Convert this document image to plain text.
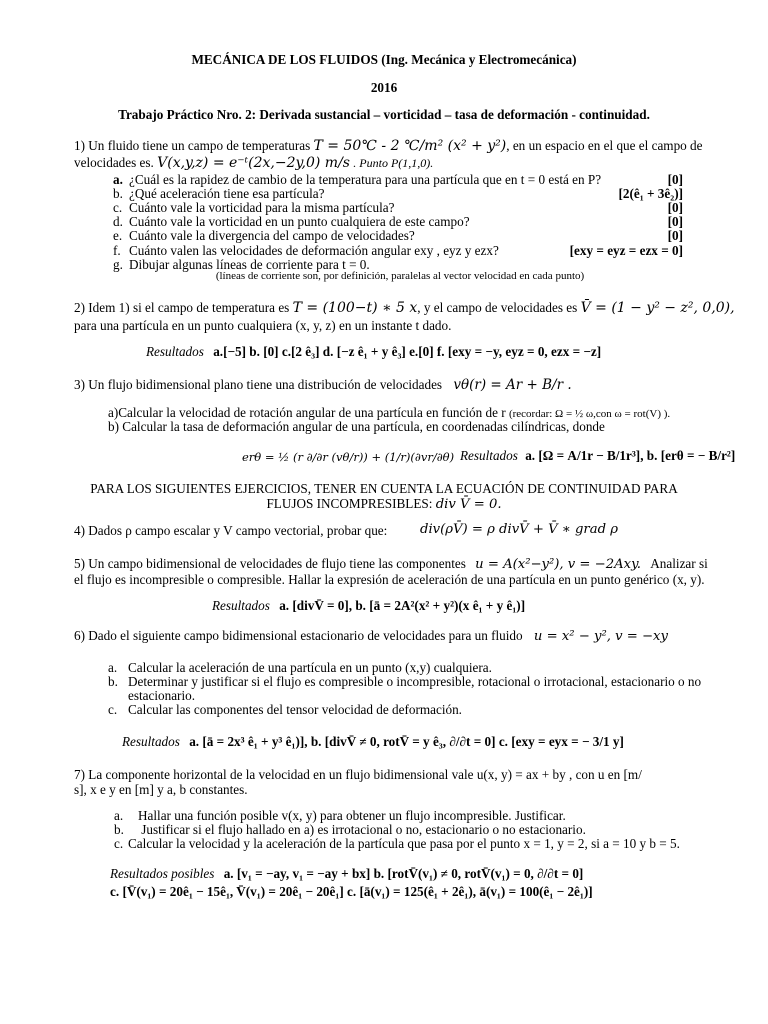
MECÁNICA DE LOS FLUIDOS (Ing. Mecánica y Electromecánica)
2016
Trabajo Práctico Nro. 2: Derivada sustancial – vorticidad – tasa de deformación - continuidad.
1) Un fluido tiene un campo de temperaturas T = 50℃ - 2 ℃/m² (x² + y²), en un espacio en el que el campo de
velocidades es. V(x,y,z) = e⁻ᵗ(2x,−2y,0) m/s . Punto P(1,1,0).
a. ¿Cuál es la rapidez de cambio de la temperatura para una partícula que en t = 0 está en P?	[0]
b. ¿Qué aceleración tiene esa partícula?	[2(ê₁ + 3ê₂)]
c. Cuánto vale la vorticidad para la misma partícula?	[0]
d. Cuánto vale la vorticidad en un punto cualquiera de este campo?	[0]
e. Cuánto vale la divergencia del campo de velocidades?	[0]
f. Cuánto valen las velocidades de deformación angular exy , eyz y ezx?	[exy = eyz = ezx = 0]
g. Dibujar algunas líneas de corriente para t = 0.
(líneas de corriente son, por definición, paralelas al vector velocidad en cada punto)
2) Idem 1) si el campo de temperatura es T = (100−t) ∗ 5 x, y el campo de velocidades es V̄ = (1 − y² − z², 0,0),
para una partícula en un punto cualquiera (x, y, z) en un instante t dado.
Resultados a.[−5] b. [0] c.[2 ê₃] d. [−z ê₁ + y ê₃] e.[0] f. [exy = −y, eyz = 0, ezx = −z]
3) Un flujo bidimensional plano tiene una distribución de velocidades vθ(r) = Ar + B/r .
a)Calcular la velocidad de rotación angular de una partícula en función de r (recordar: Ω = ½ ω,con ω = rot(V) ).
b) Calcular la tasa de deformación angular de una partícula, en coordenadas cilíndricas, donde
erθ = ½ (r ∂/∂r (vθ/r)) + (1/r)(∂vr/∂θ) Resultados a. [Ω = A/1r − B/1r³], b. [erθ = − B/r²]
PARA LOS SIGUIENTES EJERCICIOS, TENER EN CUENTA LA ECUACIÓN DE CONTINUIDAD PARA
FLUJOS INCOMPRESIBLES: div V̄ = 0.
4) Dados ρ campo escalar y V campo vectorial, probar que: div(ρV̄) = ρ divV̄ + V̄ ∗ grad ρ
5) Un campo bidimensional de velocidades de flujo tiene las componentes u = A(x²−y²), v = −2Axy. Analizar si
el flujo es incompresible o compresible. Hallar la expresión de aceleración de una partícula en un punto genérico (x, y).
Resultados a. [divV̄ = 0], b. [ā = 2A²(x² + y²)(x ê₁ + y ê₁)]
6) Dado el siguiente campo bidimensional estacionario de velocidades para un fluido u = x² − y², v = −xy
a. Calcular la aceleración de una partícula en un punto (x,y) cualquiera.
b. Determinar y justificar si el flujo es compresible o incompresible, rotacional o irrotacional, estacionario o no
estacionario.
c. Calcular las componentes del tensor velocidad de deformación.
Resultados a. [ā = 2x³ ê₁ + y³ ê₁)], b. [divV̄ ≠ 0, rotV̄ = y ê₃, ∂/∂t = 0] c. [exy = eyx = − 3/1 y]
7) La componente horizontal de la velocidad en un flujo bidimensional vale u(x, y) = ax + by , con u en [m/
s], x e y en [m] y a, b constantes.
a. Hallar una función posible v(x, y) para obtener un flujo incompresible. Justificar.
b. Justificar si el flujo hallado en a) es irrotacional o no, estacionario o no estacionario.
c. Calcular la velocidad y la aceleración de la partícula que pasa por el punto x = 1, y = 2, si a = 10 y b = 5.
Resultados posibles a. [v₁ = −ay, v₁ = −ay + bx] b. [rotV̄(v₁) ≠ 0, rotV̄(v₁) = 0, ∂/∂t = 0]
c. [V̄(v₁) = 20ê₁ − 15ê₁, V̄(v₁) = 20ê₁ − 20ê₁] c. [ā(v₁) = 125(ê₁ + 2ê₁), ā(v₁) = 100(ê₁ − 2ê₁)]
